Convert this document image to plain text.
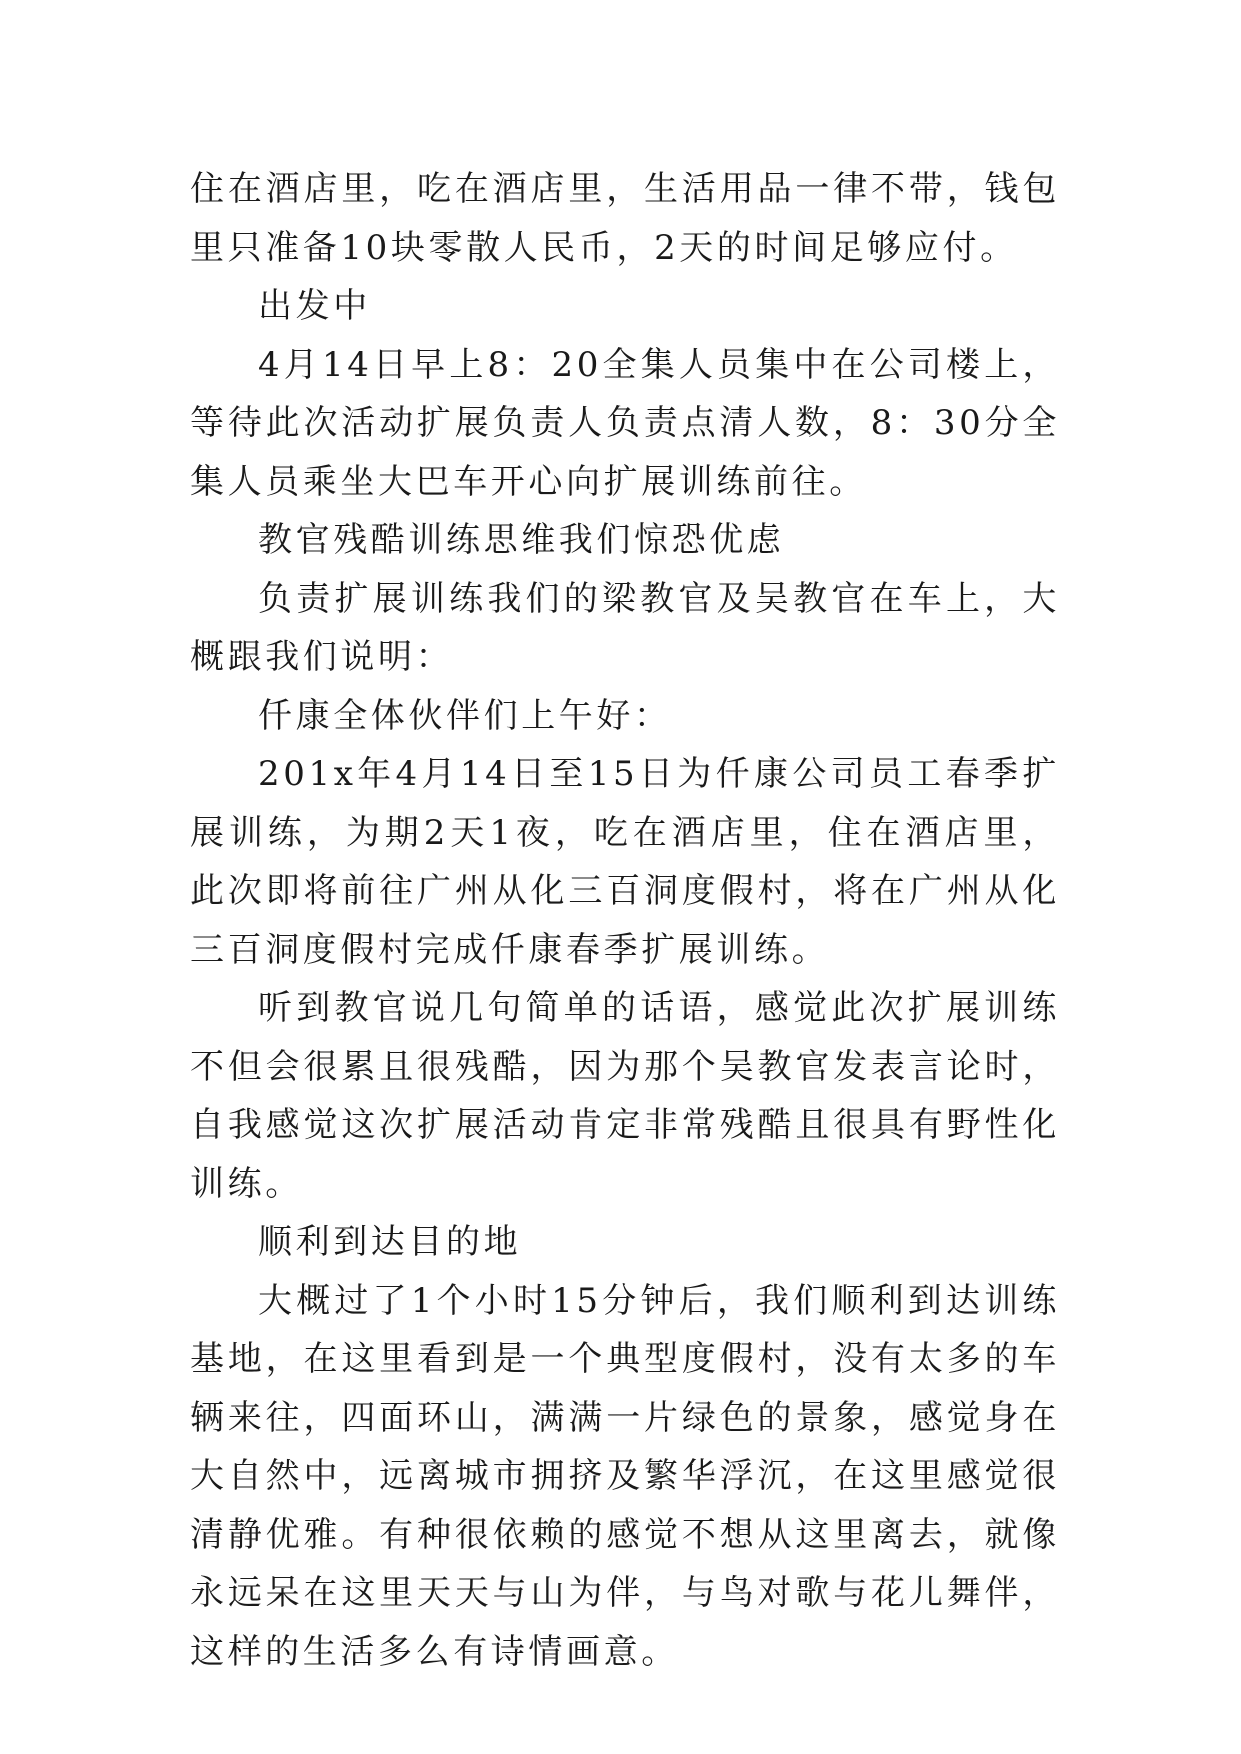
住在酒店里，吃在酒店里，生活用品一律不带，钱包里只准备10块零散人民币，2天的时间足够应付。

出发中

4月14日早上8：20全集人员集中在公司楼上，等待此次活动扩展负责人负责点清人数，8：30分全集人员乘坐大巴车开心向扩展训练前往。

教官残酷训练思维我们惊恐优虑

负责扩展训练我们的梁教官及吴教官在车上，大概跟我们说明：

仟康全体伙伴们上午好：

201x年4月14日至15日为仟康公司员工春季扩展训练，为期2天1夜，吃在酒店里，住在酒店里，此次即将前往广州从化三百洞度假村，将在广州从化三百洞度假村完成仟康春季扩展训练。

听到教官说几句简单的话语，感觉此次扩展训练不但会很累且很残酷，因为那个吴教官发表言论时，自我感觉这次扩展活动肯定非常残酷且很具有野性化训练。

顺利到达目的地

大概过了1个小时15分钟后，我们顺利到达训练基地，在这里看到是一个典型度假村，没有太多的车辆来往，四面环山，满满一片绿色的景象，感觉身在大自然中，远离城市拥挤及繁华浮沉，在这里感觉很清静优雅。有种很依赖的感觉不想从这里离去，就像永远呆在这里天天与山为伴，与鸟对歌与花儿舞伴，这样的生活多么有诗情画意。
